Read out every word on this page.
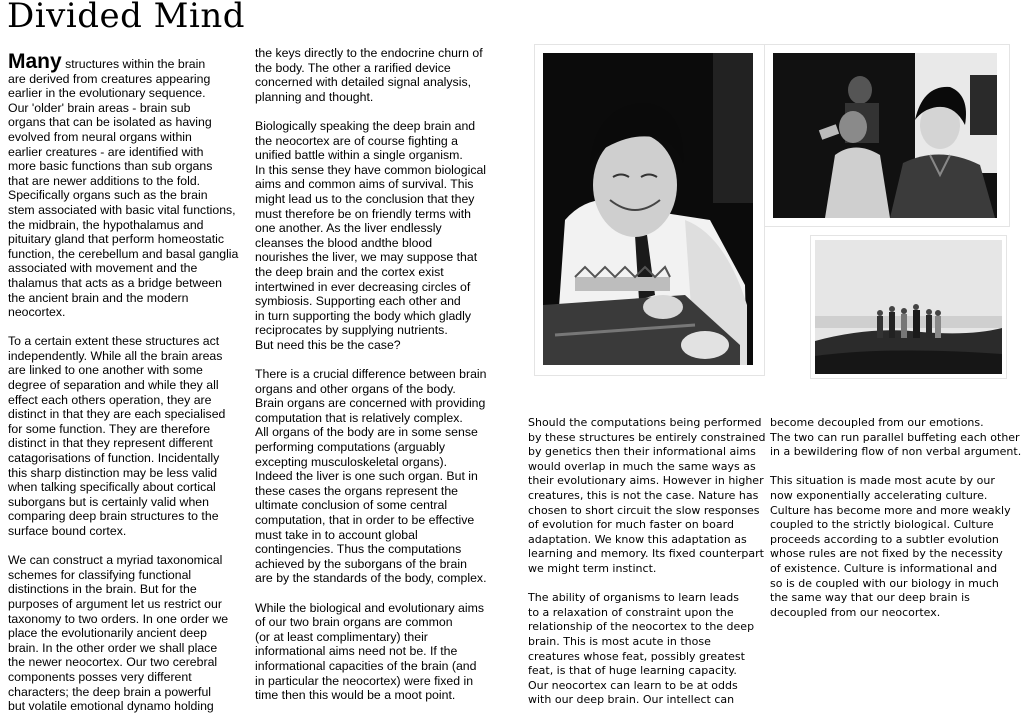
Divided Mind

Many structures within the brain
are derived from creatures appearing
earlier in the evolutionary sequence.
Our 'older' brain areas - brain sub
organs that can be isolated as having
evolved from neural organs within
earlier creatures - are identified with
more basic functions than sub organs
that are newer additions to the fold.
Specifically organs such as the brain
stem associated with basic vital functions,
the midbrain, the hypothalamus and
pituitary gland that perform homeostatic
function, the cerebellum and basal ganglia
associated with movement and the
thalamus that acts as a bridge between
the ancient brain and the modern
neocortex.

To a certain extent these structures act
independently. While all the brain areas
are linked to one another with some
degree of separation and while they all
effect each others operation, they are
distinct in that they are each specialised
for some function. They are therefore
distinct in that they represent different
catagorisations of function. Incidentally
this sharp distinction may be less valid
when talking specifically about cortical
suborgans but is certainly valid when
comparing deep brain structures to the
surface bound cortex.

We can construct a myriad taxonomical
schemes for classifying functional
distinctions in the brain. But for the
purposes of argument let us restrict our
taxonomy to two orders. In one order we
place the evolutionarily ancient deep
brain. In the other order we shall place
the newer neocortex. Our two cerebral
components posses very different
characters; the deep brain a powerful
but volatile emotional dynamo holding

the keys directly to the endocrine churn of
the body. The other a rarified device
concerned with detailed signal analysis,
planning and thought.

Biologically speaking the deep brain and
the neocortex are of course fighting a
unified battle within a single organism.
In this sense they have common biological
aims and common aims of survival. This
might lead us to the conclusion that they
must therefore be on friendly terms with
one another. As the liver endlessly
cleanses the blood andthe blood
nourishes the liver, we may suppose that
the deep brain and the cortex exist
intertwined in ever decreasing circles of
symbiosis. Supporting each other and
in turn supporting the body which gladly
reciprocates by supplying nutrients.
But need this be the case?

There is a crucial difference between brain
organs and other organs of the body.
Brain organs are concerned with providing
computation that is relatively complex.
All organs of the body are in some sense
performing computations (arguably
excepting musculoskeletal organs).
Indeed the liver is one such organ. But in
these cases the organs represent the
ultimate conclusion of some central
computation, that in order to be effective
must take in to account global
contingencies. Thus the computations
achieved by the suborgans of the brain
are by the standards of the body, complex.

While the biological and evolutionary aims
of our two brain organs are common
(or at least complimentary) their
informational aims need not be. If the
informational capacities of the brain (and
in particular the neocortex) were fixed in
time then this would be a moot point.

Should the computations being performed
by these structures be entirely constrained
by genetics then their informational aims
would overlap in much the same ways as
their evolutionary aims. However in higher
creatures, this is not the case. Nature has
chosen to short circuit the slow responses
of evolution for much faster on board
adaptation. We know this adaptation as
learning and memory. Its fixed counterpart
we might term instinct.

The ability of organisms to learn leads
to a relaxation of constraint upon the
relationship of the neocortex to the deep
brain. This is most acute in those
creatures whose feat, possibly greatest
feat, is that of huge learning capacity.
Our neocortex can learn to be at odds
with our deep brain. Our intellect can

become decoupled from our emotions.
The two can run parallel buffeting each other
in a bewildering flow of non verbal argument.

This situation is made most acute by our
now exponentially accelerating culture.
Culture has become more and more weakly
coupled to the strictly biological. Culture
proceeds according to a subtler evolution
whose rules are not fixed by the necessity
of existence. Culture is informational and
so is de coupled with our biology in much
the same way that our deep brain is
decoupled from our neocortex.
